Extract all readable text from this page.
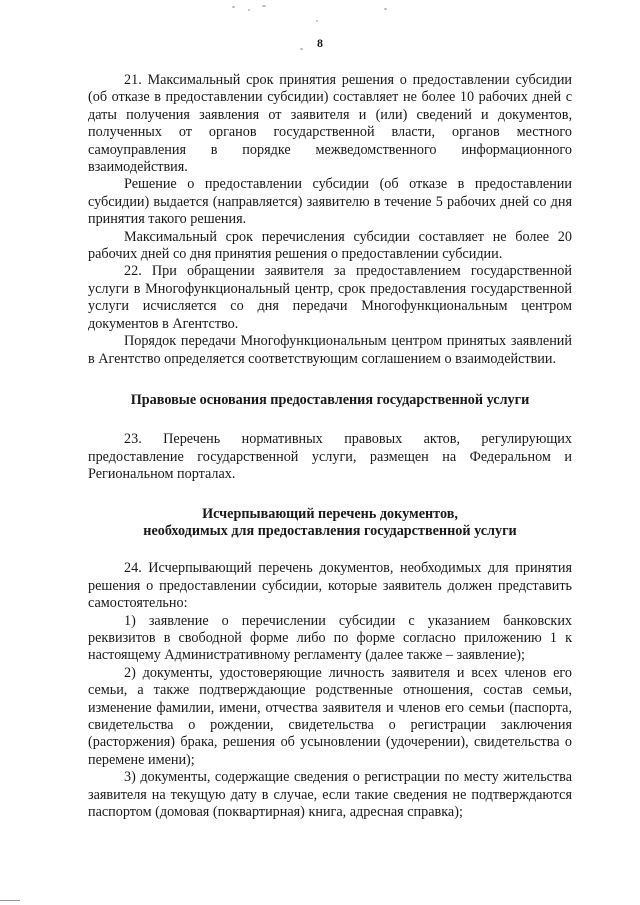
8

21. Максимальный срок принятия решения о предоставлении субсидии (об отказе в предоставлении субсидии) составляет не более 10 рабочих дней с даты получения заявления от заявителя и (или) сведений и документов, полученных от органов государственной власти, органов местного самоуправления в порядке межведомственного информационного взаимодействия.

Решение о предоставлении субсидии (об отказе в предоставлении субсидии) выдается (направляется) заявителю в течение 5 рабочих дней со дня принятия такого решения.

Максимальный срок перечисления субсидии составляет не более 20 рабочих дней со дня принятия решения о предоставлении субсидии.

22. При обращении заявителя за предоставлением государственной услуги в Многофункциональный центр, срок предоставления государственной услуги исчисляется со дня передачи Многофункциональным центром документов в Агентство.

Порядок передачи Многофункциональным центром принятых заявлений в Агентство определяется соответствующим соглашением о взаимодействии.

Правовые основания предоставления государственной услуги

23. Перечень нормативных правовых актов, регулирующих предоставление государственной услуги, размещен на Федеральном и Региональном порталах.

Исчерпывающий перечень документов,
необходимых для предоставления государственной услуги

24. Исчерпывающий перечень документов, необходимых для принятия решения о предоставлении субсидии, которые заявитель должен представить самостоятельно:

1) заявление о перечислении субсидии с указанием банковских реквизитов в свободной форме либо по форме согласно приложению 1 к настоящему Административному регламенту (далее также – заявление);

2) документы, удостоверяющие личность заявителя и всех членов его семьи, а также подтверждающие родственные отношения, состав семьи, изменение фамилии, имени, отчества заявителя и членов его семьи (паспорта, свидетельства о рождении, свидетельства о регистрации заключения (расторжения) брака, решения об усыновлении (удочерении), свидетельства о перемене имени);

3) документы, содержащие сведения о регистрации по месту жительства заявителя на текущую дату в случае, если такие сведения не подтверждаются паспортом (домовая (поквартирная) книга, адресная справка);
